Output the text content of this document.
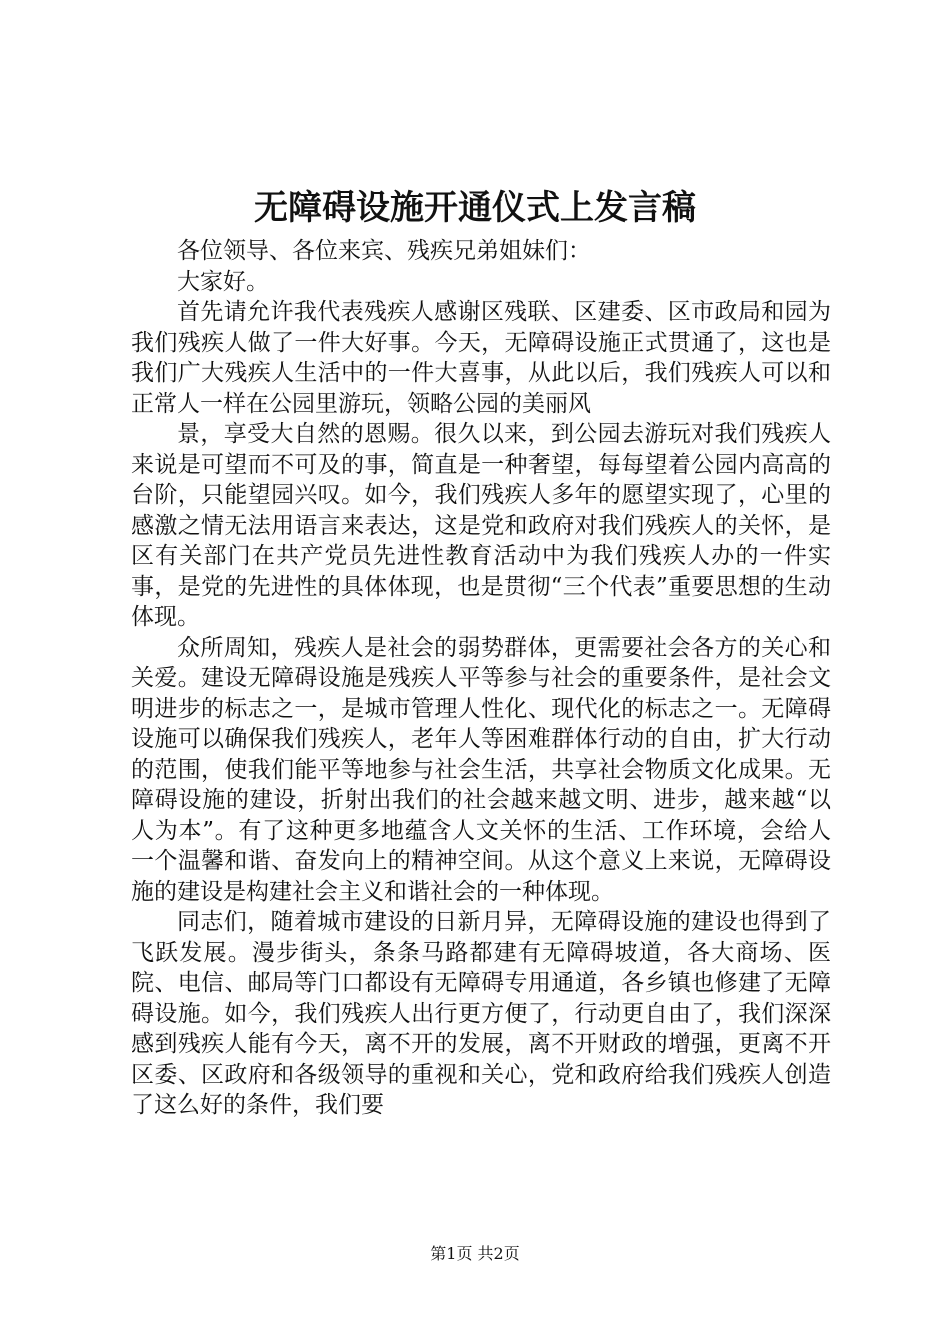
无障碍设施开通仪式上发言稿

各位领导、各位来宾、残疾兄弟姐妹们：

大家好。

首先请允许我代表残疾人感谢区残联、区建委、区市政局和园为我们残疾人做了一件大好事。今天，无障碍设施正式贯通了，这也是我们广大残疾人生活中的一件大喜事，从此以后，我们残疾人可以和正常人一样在公园里游玩，领略公园的美丽风

景，享受大自然的恩赐。很久以来，到公园去游玩对我们残疾人来说是可望而不可及的事，简直是一种奢望，每每望着公园内高高的台阶，只能望园兴叹。如今，我们残疾人多年的愿望实现了，心里的感激之情无法用语言来表达，这是党和政府对我们残疾人的关怀，是区有关部门在共产党员先进性教育活动中为我们残疾人办的一件实事，是党的先进性的具体体现，也是贯彻“三个代表”重要思想的生动体现。

众所周知，残疾人是社会的弱势群体，更需要社会各方的关心和关爱。建设无障碍设施是残疾人平等参与社会的重要条件，是社会文明进步的标志之一，是城市管理人性化、现代化的标志之一。无障碍设施可以确保我们残疾人，老年人等困难群体行动的自由，扩大行动的范围，使我们能平等地参与社会生活，共享社会物质文化成果。无障碍设施的建设，折射出我们的社会越来越文明、进步，越来越“以人为本”。有了这种更多地蕴含人文关怀的生活、工作环境，会给人一个温馨和谐、奋发向上的精神空间。从这个意义上来说，无障碍设施的建设是构建社会主义和谐社会的一种体现。

同志们，随着城市建设的日新月异，无障碍设施的建设也得到了飞跃发展。漫步街头，条条马路都建有无障碍坡道，各大商场、医院、电信、邮局等门口都设有无障碍专用通道，各乡镇也修建了无障碍设施。如今，我们残疾人出行更方便了，行动更自由了，我们深深感到残疾人能有今天，离不开的发展，离不开财政的增强，更离不开区委、区政府和各级领导的重视和关心，党和政府给我们残疾人创造了这么好的条件，我们要

第1页 共2页
